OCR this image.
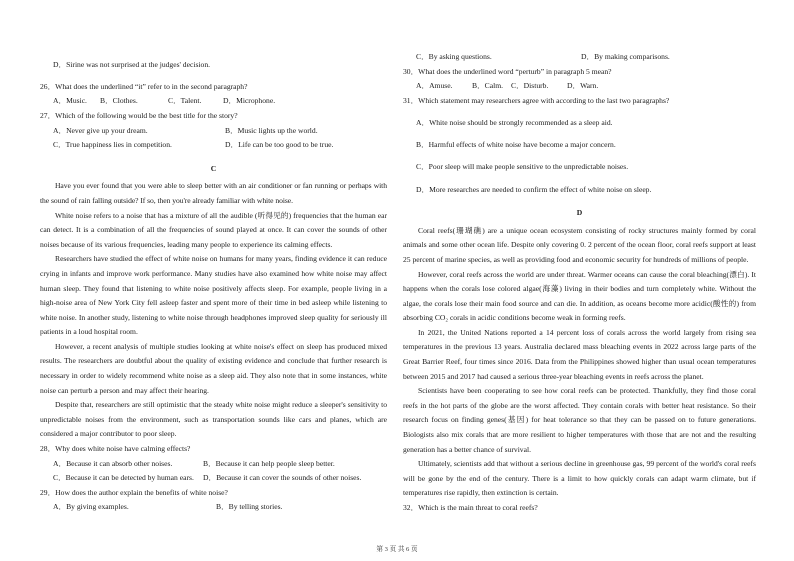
D．Sirine was not surprised at the judges' decision.

26．What does the underlined “it” refer to in the second paragraph?

A．Music.	B．Clothes.	C．Talent.	D．Microphone.

27．Which of the following would be the best title for the story?

A．Never give up your dream.	B．Music lights up the world.
C．True happiness lies in competition.	D．Life can be too good to be true.

C

Have you ever found that you were able to sleep better with an air conditioner or fan running or perhaps with the sound of rain falling outside? If so, then you're already familiar with white noise.

White noise refers to a noise that has a mixture of all the audible (听得见的) frequencies that the human ear can detect. It is a combination of all the frequencies of sound played at once. It can cover the sounds of other noises because of its various frequencies, leading many people to experience its calming effects.

Researchers have studied the effect of white noise on humans for many years, finding evidence it can reduce crying in infants and improve work performance. Many studies have also examined how white noise may affect human sleep. They found that listening to white noise positively affects sleep. For example, people living in a high-noise area of New York City fell asleep faster and spent more of their time in bed asleep while listening to white noise. In another study, listening to white noise through headphones improved sleep quality for seriously ill patients in a loud hospital room.

However, a recent analysis of multiple studies looking at white noise's effect on sleep has produced mixed results. The researchers are doubtful about the quality of existing evidence and conclude that further research is necessary in order to widely recommend white noise as a sleep aid. They also note that in some instances, white noise can perturb a person and may affect their hearing.

Despite that, researchers are still optimistic that the steady white noise might reduce a sleeper's sensitivity to unpredictable noises from the environment, such as transportation sounds like cars and planes, which are considered a major contributor to poor sleep.

28．Why does white noise have calming effects?

A．Because it can absorb other noises.	B．Because it can help people sleep better.
C．Because it can be detected by human ears.	D．Because it can cover the sounds of other noises.

29．How does the author explain the benefits of white noise?

A．By giving examples.	B．By telling stories.
C．By asking questions.	D．By making comparisons.

30．What does the underlined word “perturb” in paragraph 5 mean?

A．Amuse.	B．Calm.	C．Disturb.	D．Warn.

31．Which statement may researchers agree with according to the last two paragraphs?

A．White noise should be strongly recommended as a sleep aid.

B．Harmful effects of white noise have become a major concern.

C．Poor sleep will make people sensitive to the unpredictable noises.

D．More researches are needed to confirm the effect of white noise on sleep.

D

Coral reefs(珊瑚礁) are a unique ocean ecosystem consisting of rocky structures mainly formed by coral animals and some other ocean life. Despite only covering 0. 2 percent of the ocean floor, coral reefs support at least 25 percent of marine species, as well as providing food and economic security for hundreds of millions of people.

However, coral reefs across the world are under threat. Warmer oceans can cause the coral bleaching(漂白). It happens when the corals lose colored algae(海藻) living in their bodies and turn completely white. Without the algae, the corals lose their main food source and can die. In addition, as oceans become more acidic(酸性的) from absorbing CO₂ corals in acidic conditions become weak in forming reefs.

In 2021, the United Nations reported a 14 percent loss of corals across the world largely from rising sea temperatures in the previous 13 years. Australia declared mass bleaching events in 2022 across large parts of the Great Barrier Reef, four times since 2016. Data from the Philippines showed higher than usual ocean temperatures between 2015 and 2017 had caused a serious three-year bleaching events in reefs across the planet.

Scientists have been cooperating to see how coral reefs can be protected. Thankfully, they find those coral reefs in the hot parts of the globe are the worst affected. They contain corals with better heat resistance. So their research focus on finding genes(基因) for heat tolerance so that they can be passed on to future generations. Biologists also mix corals that are more resilient to higher temperatures with those that are not and the resulting generation has a better chance of survival.

Ultimately, scientists add that without a serious decline in greenhouse gas, 99 percent of the world's coral reefs will be gone by the end of the century. There is a limit to how quickly corals can adapt warm climate, but if temperatures rise rapidly, then extinction is certain.

32．Which is the main threat to coral reefs?

第 3 页 共 6 页
